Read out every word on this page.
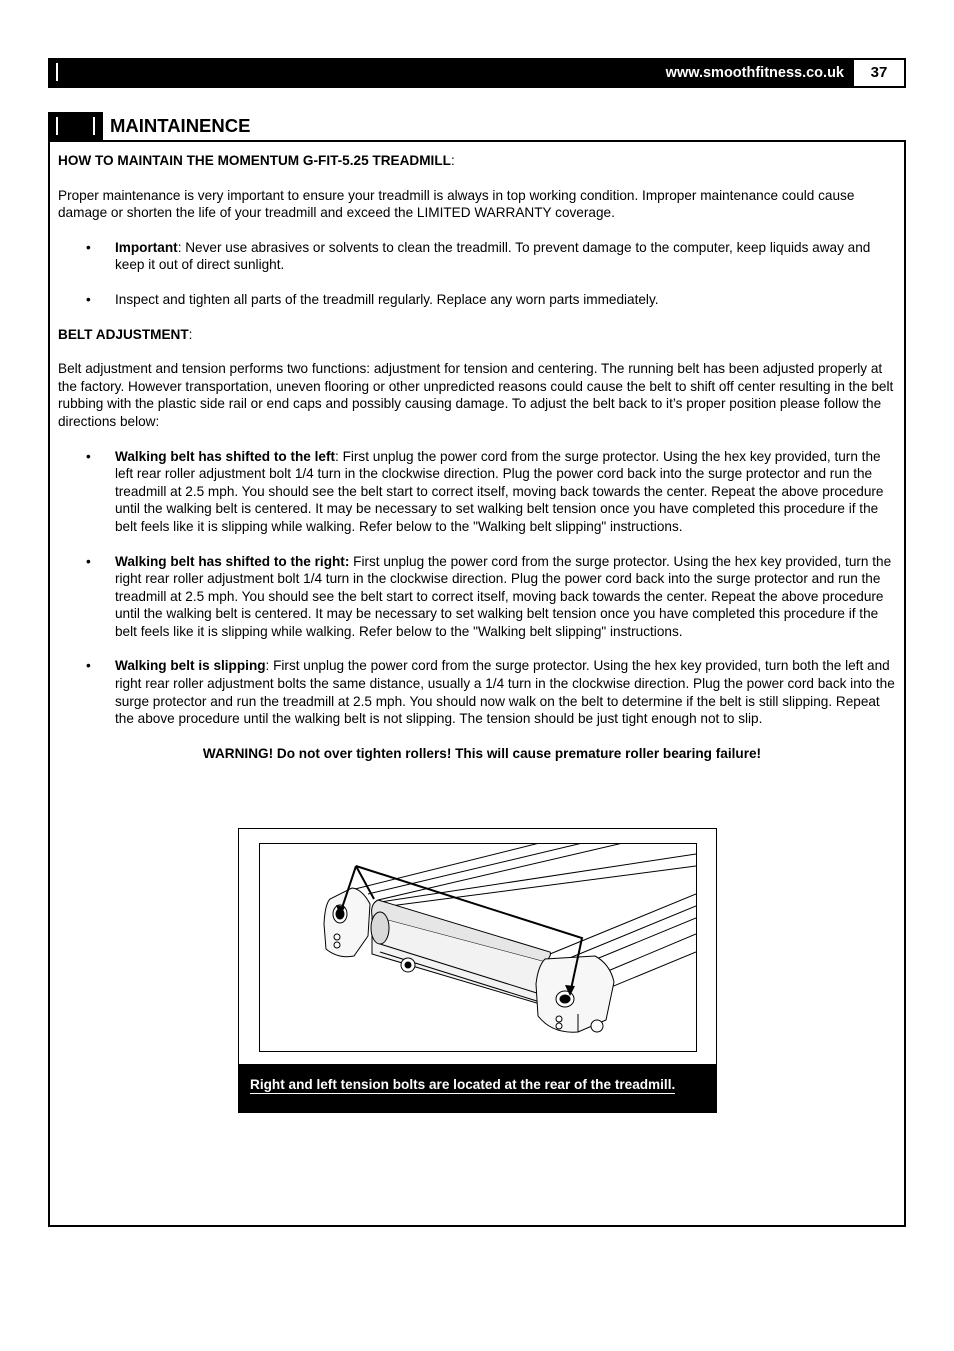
www.smoothfitness.co.uk	37
MAINTAINENCE
HOW TO MAINTAIN THE MOMENTUM G-FIT-5.25 TREADMILL:

Proper maintenance is very important to ensure your treadmill is always in top working condition. Improper maintenance could cause damage or shorten the life of your treadmill and exceed the LIMITED WARRANTY coverage.

• Important: Never use abrasives or solvents to clean the treadmill. To prevent damage to the computer, keep liquids away and keep it out of direct sunlight.
• Inspect and tighten all parts of the treadmill regularly. Replace any worn parts immediately.
BELT ADJUSTMENT:

Belt adjustment and tension performs two functions: adjustment for tension and centering. The running belt has been adjusted properly at the factory. However transportation, uneven flooring or other unpredicted reasons could cause the belt to shift off center resulting in the belt rubbing with the plastic side rail or end caps and possibly causing damage. To adjust the belt back to it’s proper position please follow the directions below:

• Walking belt has shifted to the left: First unplug the power cord from the surge protector. Using the hex key provided, turn the left rear roller adjustment bolt 1/4 turn in the clockwise direction. Plug the power cord back into the surge protector and run the treadmill at 2.5 mph. You should see the belt start to correct itself, moving back towards the center. Repeat the above procedure until the walking belt is centered. It may be necessary to set walking belt tension once you have completed this procedure if the belt feels like it is slipping while walking. Refer below to the "Walking belt slipping" instructions.
• Walking belt has shifted to the right: First unplug the power cord from the surge protector. Using the hex key provided, turn the right rear roller adjustment bolt 1/4 turn in the clockwise direction. Plug the power cord back into the surge protector and run the treadmill at 2.5 mph. You should see the belt start to correct itself, moving back towards the center. Repeat the above procedure until the walking belt is centered. It may be necessary to set walking belt tension once you have completed this procedure if the belt feels like it is slipping while walking. Refer below to the "Walking belt slipping" instructions.
• Walking belt is slipping: First unplug the power cord from the surge protector. Using the hex key provided, turn both the left and right rear roller adjustment bolts the same distance, usually a 1/4 turn in the clockwise direction. Plug the power cord back into the surge protector and run the treadmill at 2.5 mph. You should now walk on the belt to determine if the belt is still slipping. Repeat the above procedure until the walking belt is not slipping. The tension should be just tight enough not to slip.

WARNING! Do not over tighten rollers! This will cause premature roller bearing failure!

Right and left tension bolts are located at the rear of the treadmill.
